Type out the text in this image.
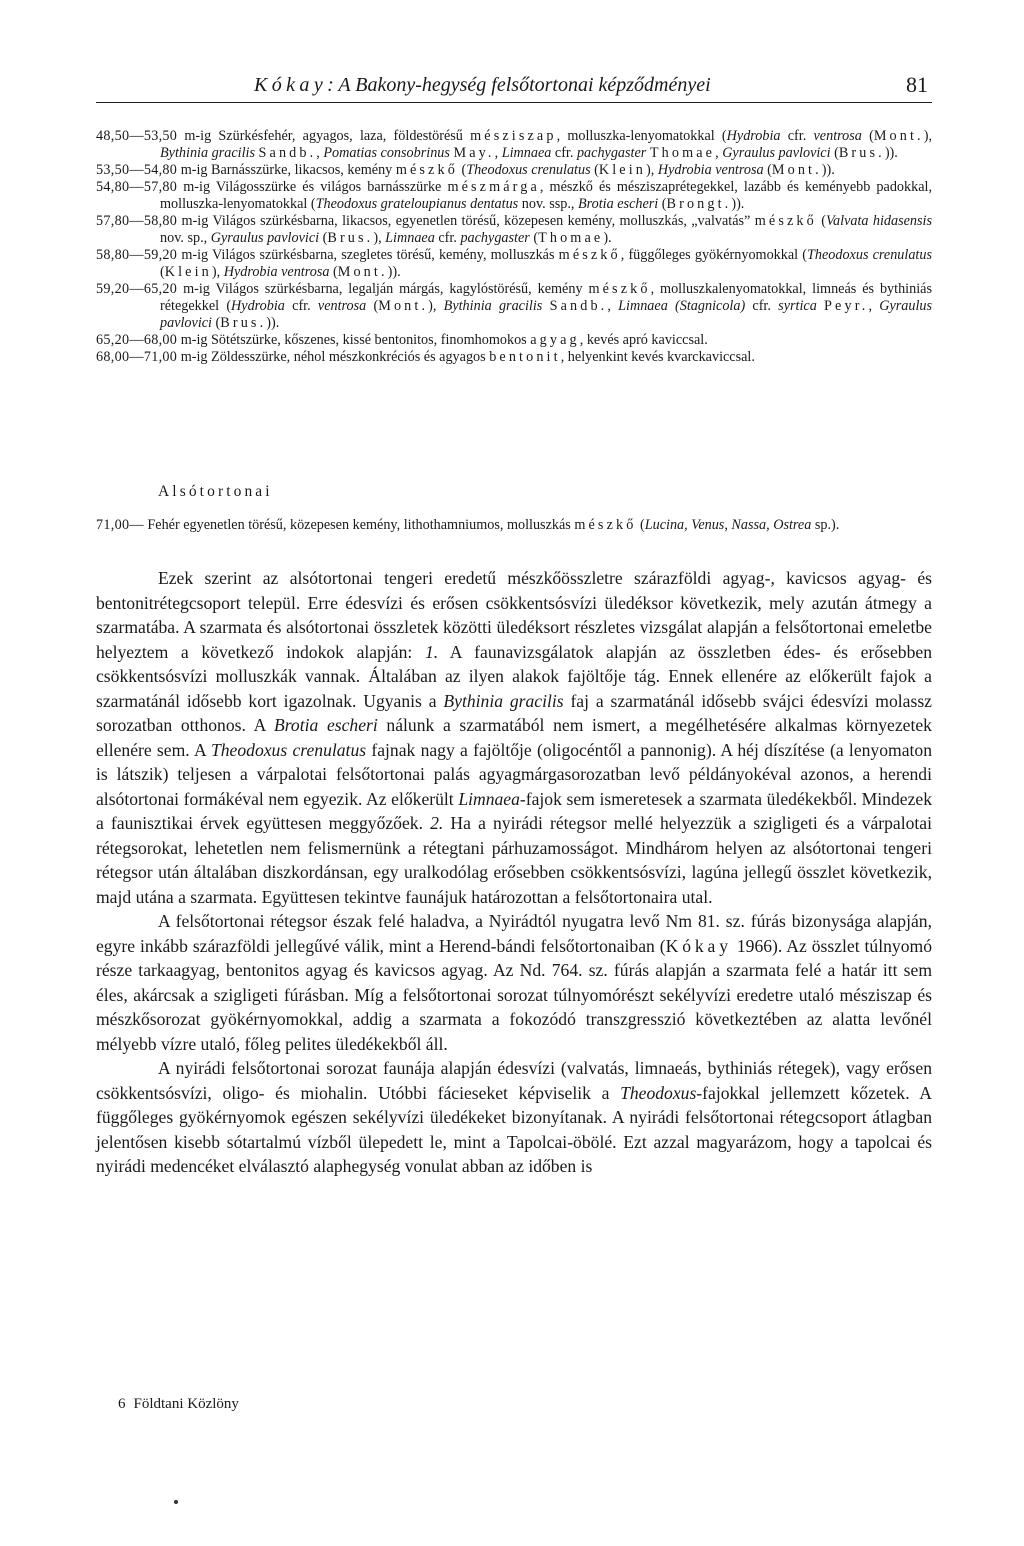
Kókay: A Bakony-hegység felsőtortonai képződményei	81

48,50—53,50 m-ig Szürkésfehér, agyagos, laza, földestörésű mésziszap, molluszka-lenyomatokkal (Hydrobia cfr. ventrosa (Mont.), Bythinia gracilis Sandb., Pomatias consobrinus May., Limnaea cfr. pachygaster Thomae, Gyraulus pavlovici (Brus.)).

53,50—54,80 m-ig Barnásszürke, likacsos, kemény mészkő (Theodoxus crenulatus (Klein), Hydrobia ventrosa (Mont.)).

54,80—57,80 m-ig Világosszürke és világos barnásszürke mészmárga, mészkő és mésziszaprétegekkel, lazább és keményebb padokkal, molluszka-lenyomatokkal (Theodoxus grateloupianus dentatus nov. ssp., Brotia escheri (Brongt.)).

57,80—58,80 m-ig Világos szürkésbarna, likacsos, egyenetlen törésű, közepesen kemény, molluszkás, „valvatás” mészkő (Valvata hidasensis nov. sp., Gyraulus pavlovici (Brus.), Limnaea cfr. pachygaster (Thomae).

58,80—59,20 m-ig Világos szürkésbarna, szegletes törésű, kemény, molluszkás mészkő, függőleges gyökérnyomokkal (Theodoxus crenulatus (Klein), Hydrobia ventrosa (Mont.)).

59,20—65,20 m-ig Világos szürkésbarna, legalján márgás, kagylóstörésű, kemény mészkő, molluszkalenyomatokkal, limneás és bythiniás rétegekkel (Hydrobia cfr. ventrosa (Mont.), Bythinia gracilis Sandb., Limnaea (Stagnicola) cfr. syrtica Peyr., Gyraulus pavlovici (Brus.)).

65,20—68,00 m-ig Sötétszürke, kőszenes, kissé bentonitos, finomhomokos agyag, kevés apró kaviccsal.

68,00—71,00 m-ig Zöldesszürke, néhol mészkonkréciós és agyagos bentonit, helyenkint kevés kvarckaviccsal.

Alsótortonai

71,00— Fehér egyenetlen törésű, közepesen kemény, lithothamniumos, molluszkás mészkő (Lucina, Venus, Nassa, Ostrea sp.).

Ezek szerint az alsótortonai tengeri eredetű mészkőösszletre szárazföldi agyag-, kavicsos agyag- és bentonitrétegcsoport települ. Erre édesvízi és erősen csökkentsósvízi üledéksor következik, mely azután átmegy a szarmatába. A szarmata és alsótortonai összletek közötti üledéksort részletes vizsgálat alapján a felsőtortonai emeletbe helyeztem a következő indokok alapján: 1. A faunavizsgálatok alapján az összletben édes- és erősebben csökkentsósvízi molluszkák vannak. Általában az ilyen alakok fajöltője tág. Ennek ellenére az előkerült fajok a szarmatánál idősebb kort igazolnak. Ugyanis a Bythinia gracilis faj a szarmatánál idősebb svájci édesvízi molassz sorozatban otthonos. A Brotia escheri nálunk a szarmatából nem ismert, a megélhetésére alkalmas környezetek ellenére sem. A Theodoxus crenulatus fajnak nagy a fajöltője (oligocéntől a pannonig). A héj díszítése (a lenyomaton is látszik) teljesen a várpalotai felsőtortonai palás agyagmárgasorozatban levő példányokéval azonos, a herendi alsótortonai formákéval nem egyezik. Az előkerült Limnaea-fajok sem ismeretesek a szarmata üledékekből. Mindezek a faunisztikai érvek együttesen meggyőzőek. 2. Ha a nyirádi rétegsor mellé helyezzük a szigligeti és a várpalotai rétegsorokat, lehetetlen nem felismernünk a rétegtani párhuzamosságot. Mindhárom helyen az alsótortonai tengeri rétegsor után általában diszkordánsan, egy uralkodólag erősebben csökkentsósvízi, lagúna jellegű összlet következik, majd utána a szarmata. Együttesen tekintve faunájuk határozottan a felsőtortonaira utal.

A felsőtortonai rétegsor észak felé haladva, a Nyirádtól nyugatra levő Nm 81. sz. fúrás bizonysága alapján, egyre inkább szárazföldi jellegűvé válik, mint a Herend-bándi felsőtortonaiban (Kókay 1966). Az összlet túlnyomó része tarkaagyag, bentonitos agyag és kavicsos agyag. Az Nd. 764. sz. fúrás alapján a szarmata felé a határ itt sem éles, akárcsak a szigligeti fúrásban. Míg a felsőtortonai sorozat túlnyomórészt sekélyvízi eredetre utaló mésziszap és mészkősorozat gyökérnyomokkal, addig a szarmata a fokozódó transzgresszió következtében az alatta levőnél mélyebb vízre utaló, főleg pelites üledékekből áll.

A nyirádi felsőtortonai sorozat faunája alapján édesvízi (valvatás, limnaeás, bythiniás rétegek), vagy erősen csökkentsósvízi, oligo- és miohalin. Utóbbi fácieseket képviselik a Theodoxus-fajokkal jellemzett kőzetek. A függőleges gyökérnyomok egészen sekélyvízi üledékeket bizonyítanak. A nyirádi felsőtortonai rétegcsoport átlagban jelentősen kisebb sótartalmú vízből ülepedett le, mint a Tapolcai-öbölé. Ezt azzal magyarázom, hogy a tapolcai és nyirádi medencéket elválasztó alaphegység vonulat abban az időben is

6 Földtani Közlöny
